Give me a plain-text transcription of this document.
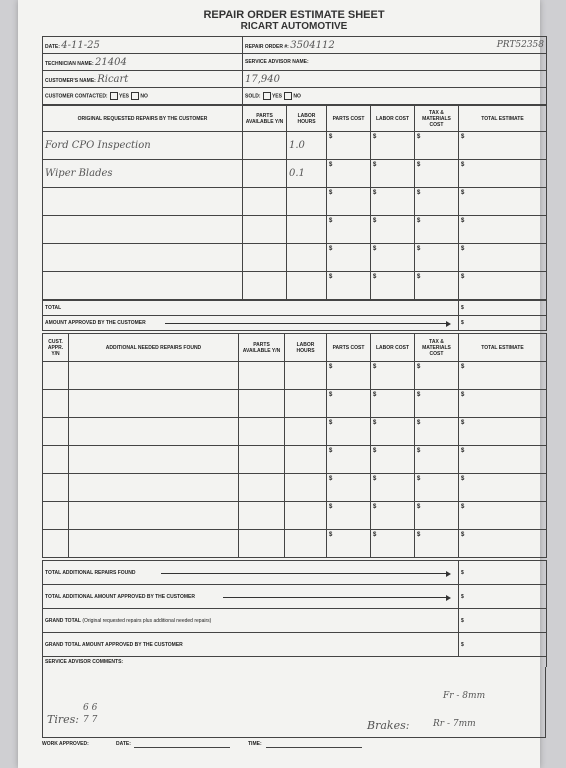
REPAIR ORDER ESTIMATE SHEET
RICART AUTOMOTIVE
DATE: 4-11-25	REPAIR ORDER #: 3504112 PRT52358

TECHNICIAN NAME: 21404	SERVICE ADVISOR NAME:
CUSTOMER'S NAME: Ricart	17,940
CUSTOMER CONTACTED: YES NO	SOLD: YES NO
ORIGINAL REQUESTED REPAIRS BY THE CUSTOMER	PARTS AVAILABLE Y/N	LABOR HOURS	PARTS COST	LABOR COST	TAX & MATERIALS COST	TOTAL ESTIMATE
Ford CPO Inspection		1.0	$	$	$	$
Wiper Blades		0.1	$	$	$	$
			$	$	$	$
			$	$	$	$
			$	$	$	$
			$	$	$	$
TOTAL	$
AMOUNT APPROVED BY THE CUSTOMER	$
CUST. APPR. Y/N	ADDITIONAL NEEDED REPAIRS FOUND	PARTS AVAILABLE Y/N	LABOR HOURS	PARTS COST	LABOR COST	TAX & MATERIALS COST	TOTAL ESTIMATE
				$	$	$	$
				$	$	$	$
				$	$	$	$
				$	$	$	$
				$	$	$	$
				$	$	$	$
				$	$	$	$
TOTAL ADDITIONAL REPAIRS FOUND	$
TOTAL ADDITIONAL AMOUNT APPROVED BY THE CUSTOMER	$
GRAND TOTAL (Original requested repairs plus additional needed repairs)	$
GRAND TOTAL AMOUNT APPROVED BY THE CUSTOMER	$
SERVICE ADVISOR COMMENTS:	
Tires:
6 6
7 7	Brakes:
Fr - 8mm
Rr - 7mm
WORK APPROVED:	DATE:	TIME:
